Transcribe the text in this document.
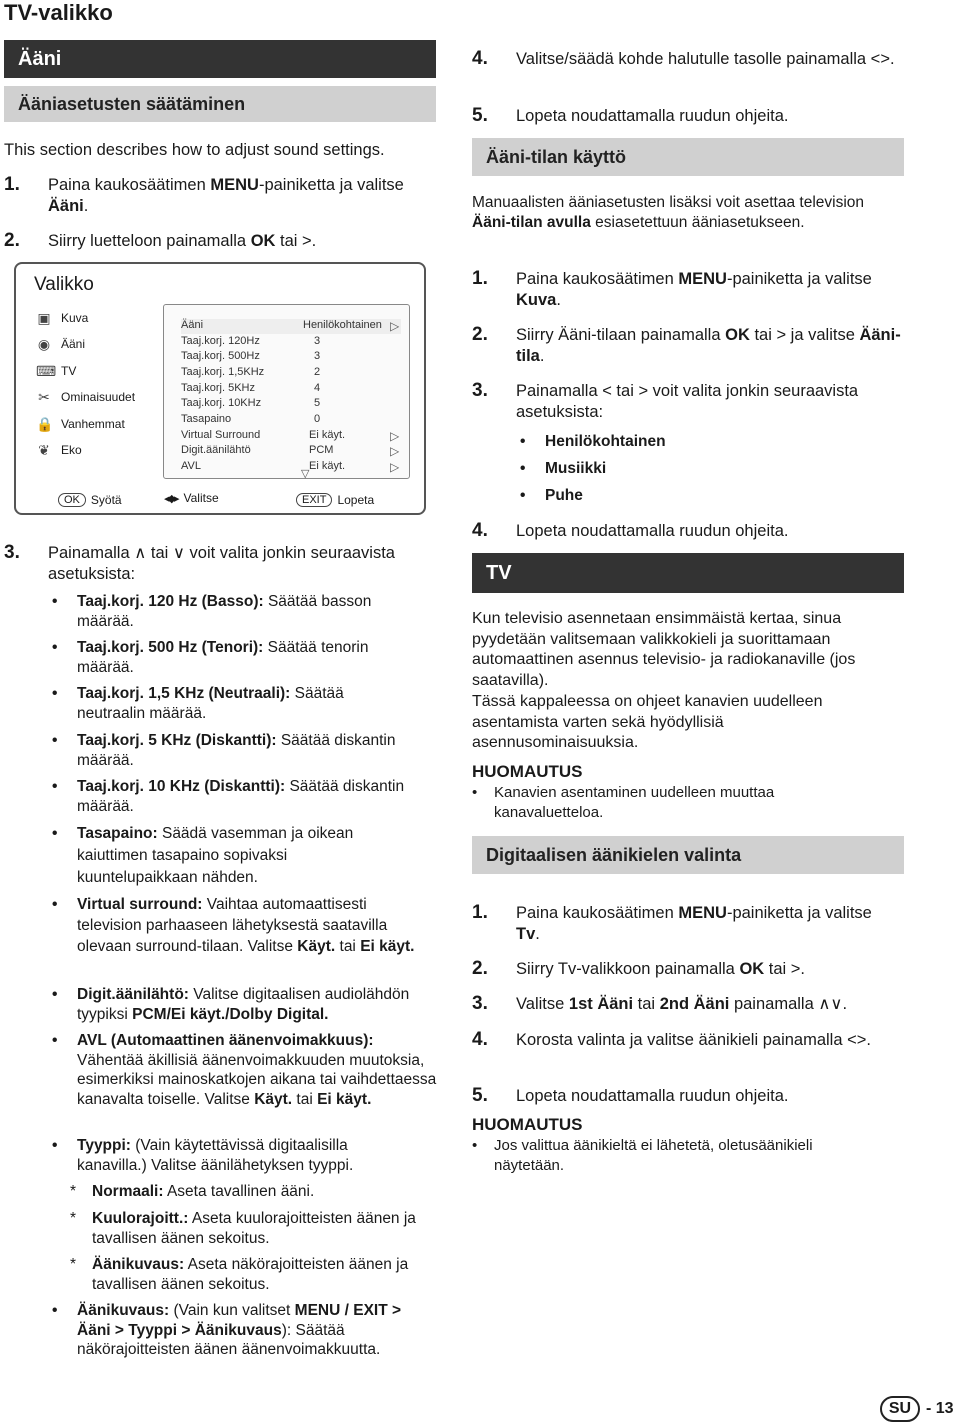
TV-valikko
Ääni
Ääniasetusten säätäminen
This section describes how to adjust sound settings.
1. Paina kaukosäätimen MENU-painiketta ja valitse Ääni.
2. Siirry luetteloon painamalla OK tai >.
Valikko
▣ Kuva
◉ Ääni
⌨ TV
✂ Ominaisuudet
🔒 Vanhemmat
❦ Eko
Ääni	Henilökohtainen ▷
Taaj.korj. 120Hz	3
Taaj.korj. 500Hz	3
Taaj.korj. 1,5KHz	2
Taaj.korj. 5KHz	4
Taaj.korj. 10KHz	5
Tasapaino	0
Virtual Surround	Ei käyt.	▷
Digit.äänilähtö	PCM	▷
AVL	Ei käyt.	▷
▽
OK Syötä	◂◆▸ Valitse	EXIT Lopeta
3. Painamalla ∧ tai ∨ voit valita jonkin seuraavista asetuksista:
• Taaj.korj. 120 Hz (Basso): Säätää basson määrää.
• Taaj.korj. 500 Hz (Tenori): Säätää tenorin määrää.
• Taaj.korj. 1,5 KHz (Neutraali): Säätää neutraalin määrää.
• Taaj.korj. 5 KHz (Diskantti): Säätää diskantin määrää.
• Taaj.korj. 10 KHz (Diskantti): Säätää diskantin määrää.
• Tasapaino: Säädä vasemman ja oikean kaiuttimen tasapaino sopivaksi kuuntelupaikkaan nähden.
• Virtual surround: Vaihtaa automaattisesti television parhaaseen lähetyksestä saatavilla olevaan surround-tilaan. Valitse Käyt. tai Ei käyt.
• Digit.äänilähtö: Valitse digitaalisen audiolähdön tyypiksi PCM/Ei käyt./Dolby Digital.
• AVL (Automaattinen äänenvoimakkuus): Vähentää äkillisiä äänenvoimakkuuden muutoksia, esimerkiksi mainoskatkojen aikana tai vaihdettaessa kanavalta toiselle. Valitse Käyt. tai Ei käyt.
• Tyyppi: (Vain käytettävissä digitaalisilla kanavilla.) Valitse äänilähetyksen tyyppi.
* Normaali: Aseta tavallinen ääni.
* Kuulorajoitt.: Aseta kuulorajoitteisten äänen ja tavallisen äänen sekoitus.
* Äänikuvaus: Aseta näkörajoitteisten äänen ja tavallisen äänen sekoitus.
• Äänikuvaus: (Vain kun valitset MENU / EXIT > Ääni > Tyyppi > Äänikuvaus): Säätää näkörajoitteisten äänen äänenvoimakkuutta.
4. Valitse/säädä kohde halutulle tasolle painamalla <>.
5. Lopeta noudattamalla ruudun ohjeita.
Ääni-tilan käyttö
Manuaalisten ääniasetusten lisäksi voit asettaa television Ääni-tilan avulla esiasetettuun ääniasetukseen.
1. Paina kaukosäätimen MENU-painiketta ja valitse Kuva.
2. Siirry Ääni-tilaan painamalla OK tai > ja valitse Ääni-tila.
3. Painamalla < tai > voit valita jonkin seuraavista asetuksista:
• Henilökohtainen
• Musiikki
• Puhe
4. Lopeta noudattamalla ruudun ohjeita.
TV
Kun televisio asennetaan ensimmäistä kertaa, sinua pyydetään valitsemaan valikkokieli ja suorittamaan automaattinen asennus televisio- ja radiokanaville (jos saatavilla).
Tässä kappaleessa on ohjeet kanavien uudelleen asentamista varten sekä hyödyllisiä asennusominaisuuksia.
HUOMAUTUS
• Kanavien asentaminen uudelleen muuttaa kanavaluetteloa.
Digitaalisen äänikielen valinta
1. Paina kaukosäätimen MENU-painiketta ja valitse Tv.
2. Siirry Tv-valikkoon painamalla OK tai >.
3. Valitse 1st Ääni tai 2nd Ääni painamalla ∧∨.
4. Korosta valinta ja valitse äänikieli painamalla <>.
5. Lopeta noudattamalla ruudun ohjeita.
HUOMAUTUS
• Jos valittua äänikieltä ei lähetetä, oletusäänikieli näytetään.
SU - 13
